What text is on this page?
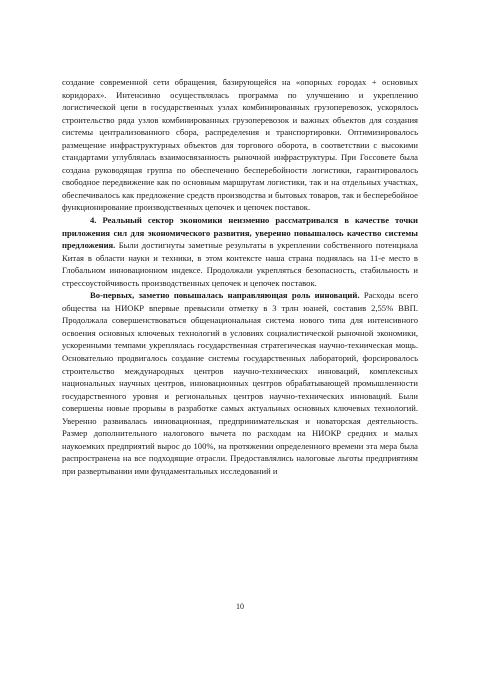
создание современной сети обращения, базирующейся на «опорных городах + основных коридорах». Интенсивно осуществлялась программа по улучшению и укреплению логистической цепи в государственных узлах комбинированных грузоперевозок, ускорялось строительство ряда узлов комбинированных грузоперевозок и важных объектов для создания системы централизованного сбора, распределения и транспортировки. Оптимизировалось размещение инфраструктурных объектов для торгового оборота, в соответствии с высокими стандартами углублялась взаимосвязанность рыночной инфраструктуры. При Госсовете была создана руководящая группа по обеспечению бесперебойности логистики, гарантировалось свободное передвижение как по основным маршрутам логистики, так и на отдельных участках, обеспечивалось как предложение средств производства и бытовых товаров, так и бесперебойное функционирование производственных цепочек и цепочек поставок.

4. Реальный сектор экономики неизменно рассматривался в качестве точки приложения сил для экономического развития, уверенно повышалось качество системы предложения. Были достигнуты заметные результаты в укреплении собственного потенциала Китая в области науки и техники, в этом контексте наша страна поднялась на 11-е место в Глобальном инновационном индексе. Продолжали укрепляться безопасность, стабильность и стрессоустойчивость производственных цепочек и цепочек поставок.

Во-первых, заметно повышалась направляющая роль инноваций. Расходы всего общества на НИОКР впервые превысили отметку в 3 трлн юаней, составив 2,55% ВВП. Продолжала совершенствоваться общенациональная система нового типа для интенсивного освоения основных ключевых технологий в условиях социалистической рыночной экономики, ускоренными темпами укреплялась государственная стратегическая научно-техническая мощь. Основательно продвигалось создание системы государственных лабораторий, форсировалось строительство международных центров научно-технических инноваций, комплексных национальных научных центров, инновационных центров обрабатывающей промышленности государственного уровня и региональных центров научно-технических инноваций. Были совершены новые прорывы в разработке самых актуальных основных ключевых технологий. Уверенно развивалась инновационная, предпринимательская и новаторская деятельность. Размер дополнительного налогового вычета по расходам на НИОКР средних и малых наукоемких предприятий вырос до 100%, на протяжении определенного времени эта мера была распространена на все подходящие отрасли. Предоставлялись налоговые льготы предприятиям при развертывании ими фундаментальных исследований и

10
